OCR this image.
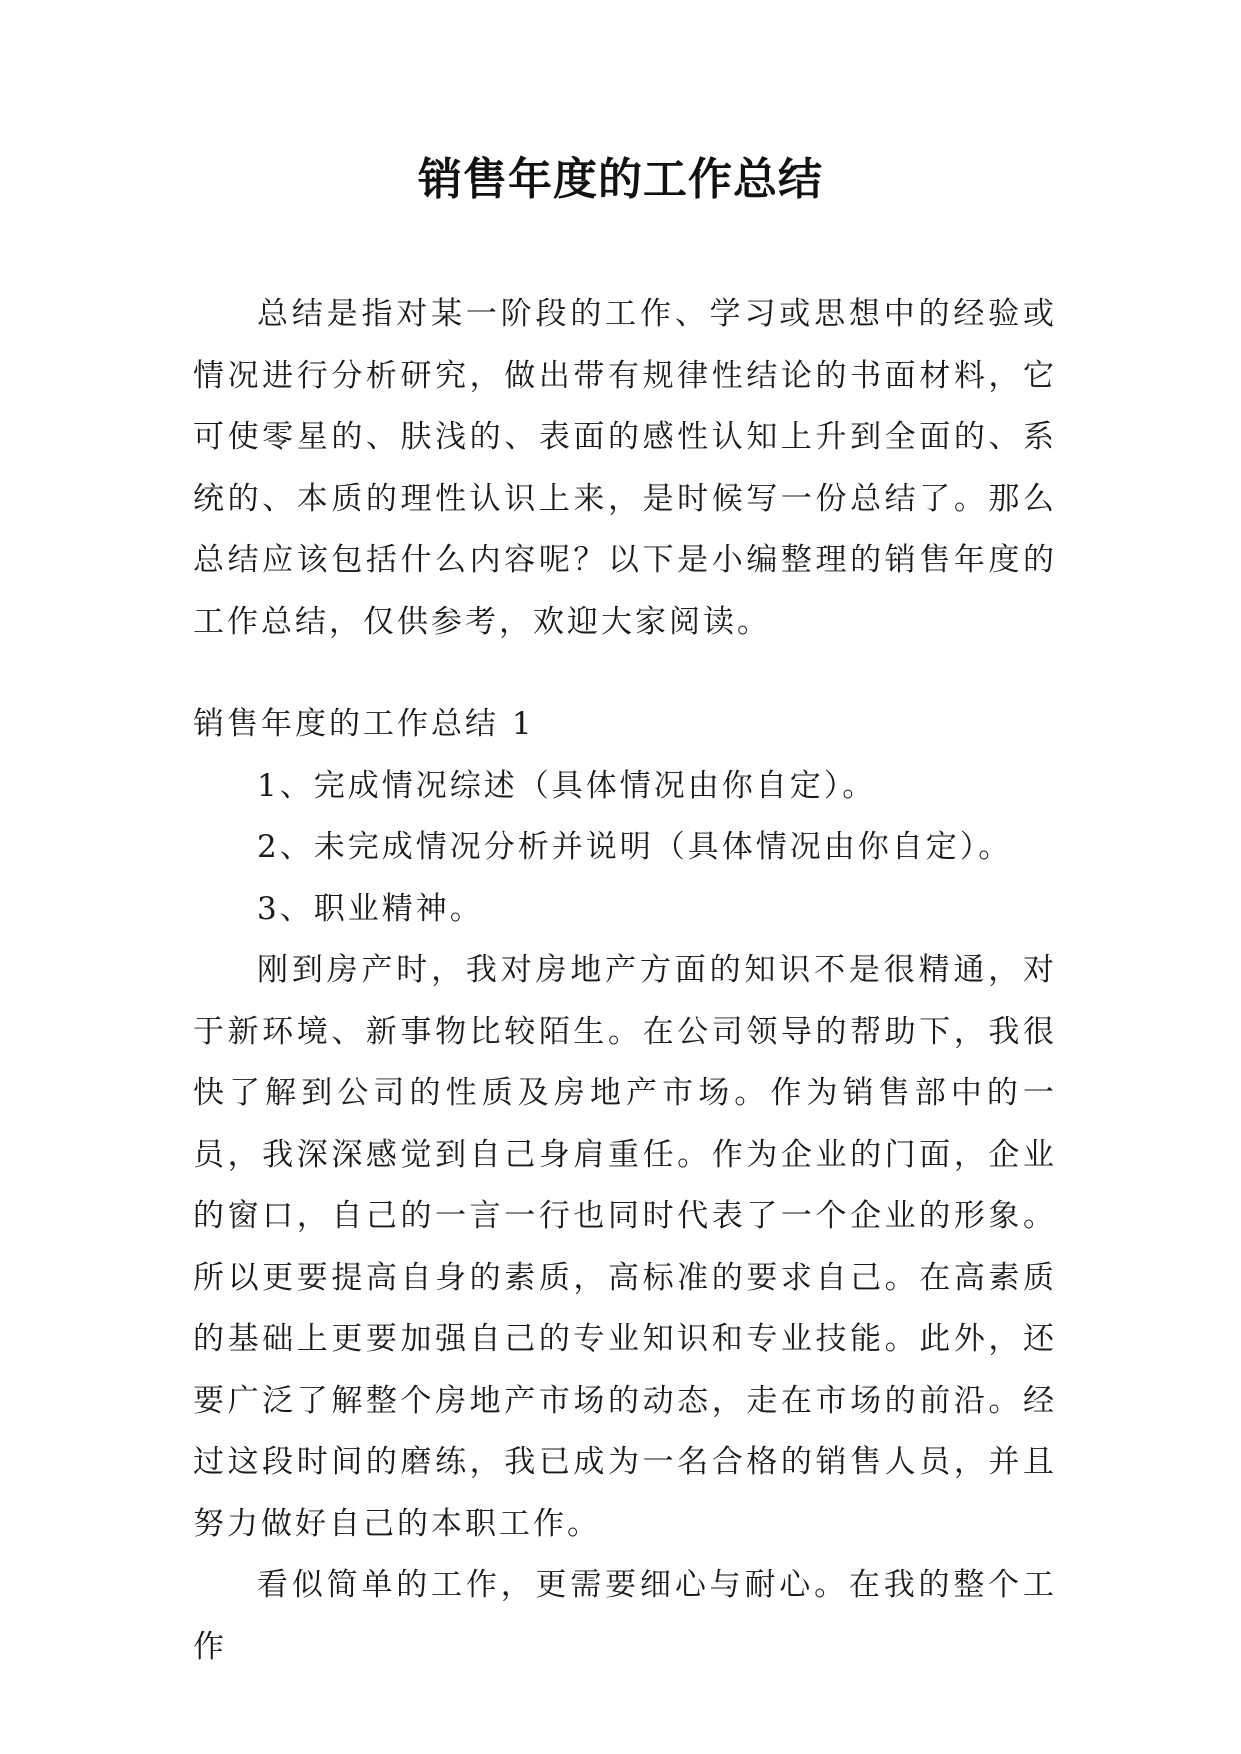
销售年度的工作总结

总结是指对某一阶段的工作、学习或思想中的经验或情况进行分析研究，做出带有规律性结论的书面材料，它可使零星的、肤浅的、表面的感性认知上升到全面的、系统的、本质的理性认识上来，是时候写一份总结了。那么总结应该包括什么内容呢？以下是小编整理的销售年度的工作总结，仅供参考，欢迎大家阅读。

销售年度的工作总结 1

1、完成情况综述（具体情况由你自定）。

2、未完成情况分析并说明（具体情况由你自定）。

3、职业精神。

刚到房产时，我对房地产方面的知识不是很精通，对于新环境、新事物比较陌生。在公司领导的帮助下，我很快了解到公司的性质及房地产市场。作为销售部中的一员，我深深感觉到自己身肩重任。作为企业的门面，企业的窗口，自己的一言一行也同时代表了一个企业的形象。所以更要提高自身的素质，高标准的要求自己。在高素质的基础上更要加强自己的专业知识和专业技能。此外，还要广泛了解整个房地产市场的动态，走在市场的前沿。经过这段时间的磨练，我已成为一名合格的销售人员，并且努力做好自己的本职工作。

看似简单的工作，更需要细心与耐心。在我的整个工作
